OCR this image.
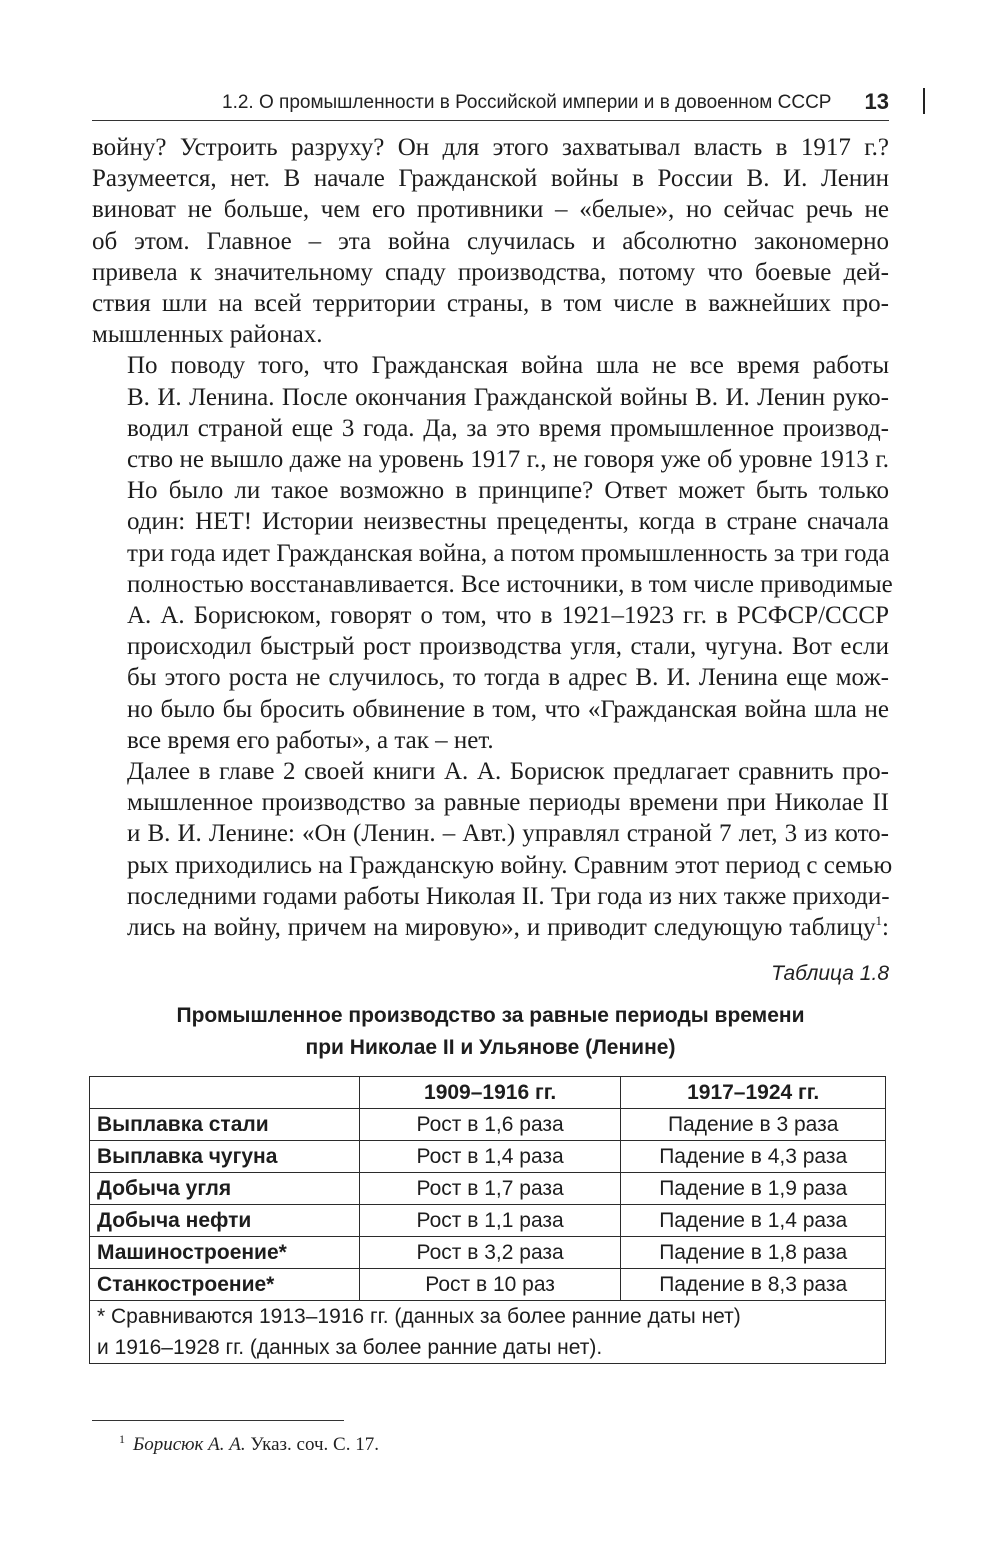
1.2. О промышленности в Российской империи и в довоенном СССР 13

войну? Устроить разруху? Он для этого захватывал власть в 1917 г.?
Разумеется, нет. В начале Гражданской войны в России В. И. Ленин
виноват не больше, чем его противники – «белые», но сейчас речь не
об этом. Главное – эта война случилась и абсолютно закономерно
привела к значительному спаду производства, потому что боевые дей-
ствия шли на всей территории страны, в том числе в важнейших про-
мышленных районах.

По поводу того, что Гражданская война шла не все время работы
В. И. Ленина. После окончания Гражданской войны В. И. Ленин руко-
водил страной еще 3 года. Да, за это время промышленное производ-
ство не вышло даже на уровень 1917 г., не говоря уже об уровне 1913 г.
Но было ли такое возможно в принципе? Ответ может быть только
один: НЕТ! Истории неизвестны прецеденты, когда в стране сначала
три года идет Гражданская война, а потом промышленность за три года
полностью восстанавливается. Все источники, в том числе приводимые
А. А. Борисюком, говорят о том, что в 1921–1923 гг. в РСФСР/СССР
происходил быстрый рост производства угля, стали, чугуна. Вот если
бы этого роста не случилось, то тогда в адрес В. И. Ленина еще мож-
но было бы бросить обвинение в том, что «Гражданская война шла не
все время его работы», а так – нет.

Далее в главе 2 своей книги А. А. Борисюк предлагает сравнить про-
мышленное производство за равные периоды времени при Николае II
и В. И. Ленине: «Он (Ленин. – Авт.) управлял страной 7 лет, 3 из кото-
рых приходились на Гражданскую войну. Сравним этот период с семью
последними годами работы Николая II. Три года из них также приходи-
лись на войну, причем на мировую», и приводит следующую таблицу$^1$:

Таблица 1.8
Промышленное производство за равные периоды времени
при Николае II и Ульянове (Ленине)
	1909–1916 гг.	1917–1924 гг.
Выплавка стали	Рост в 1,6 раза	Падение в 3 раза
Выплавка чугуна	Рост в 1,4 раза	Падение в 4,3 раза
Добыча угля	Рост в 1,7 раза	Падение в 1,9 раза
Добыча нефти	Рост в 1,1 раза	Падение в 1,4 раза
Машиностроение*	Рост в 3,2 раза	Падение в 1,8 раза
Станкостроение*	Рост в 10 раз	Падение в 8,3 раза

* Сравниваются 1913–1916 гг. (данных за более ранние даты нет)
и 1916–1928 гг. (данных за более ранние даты нет).		
$^1$ Борисюк А. А. Указ. соч. С. 17.
